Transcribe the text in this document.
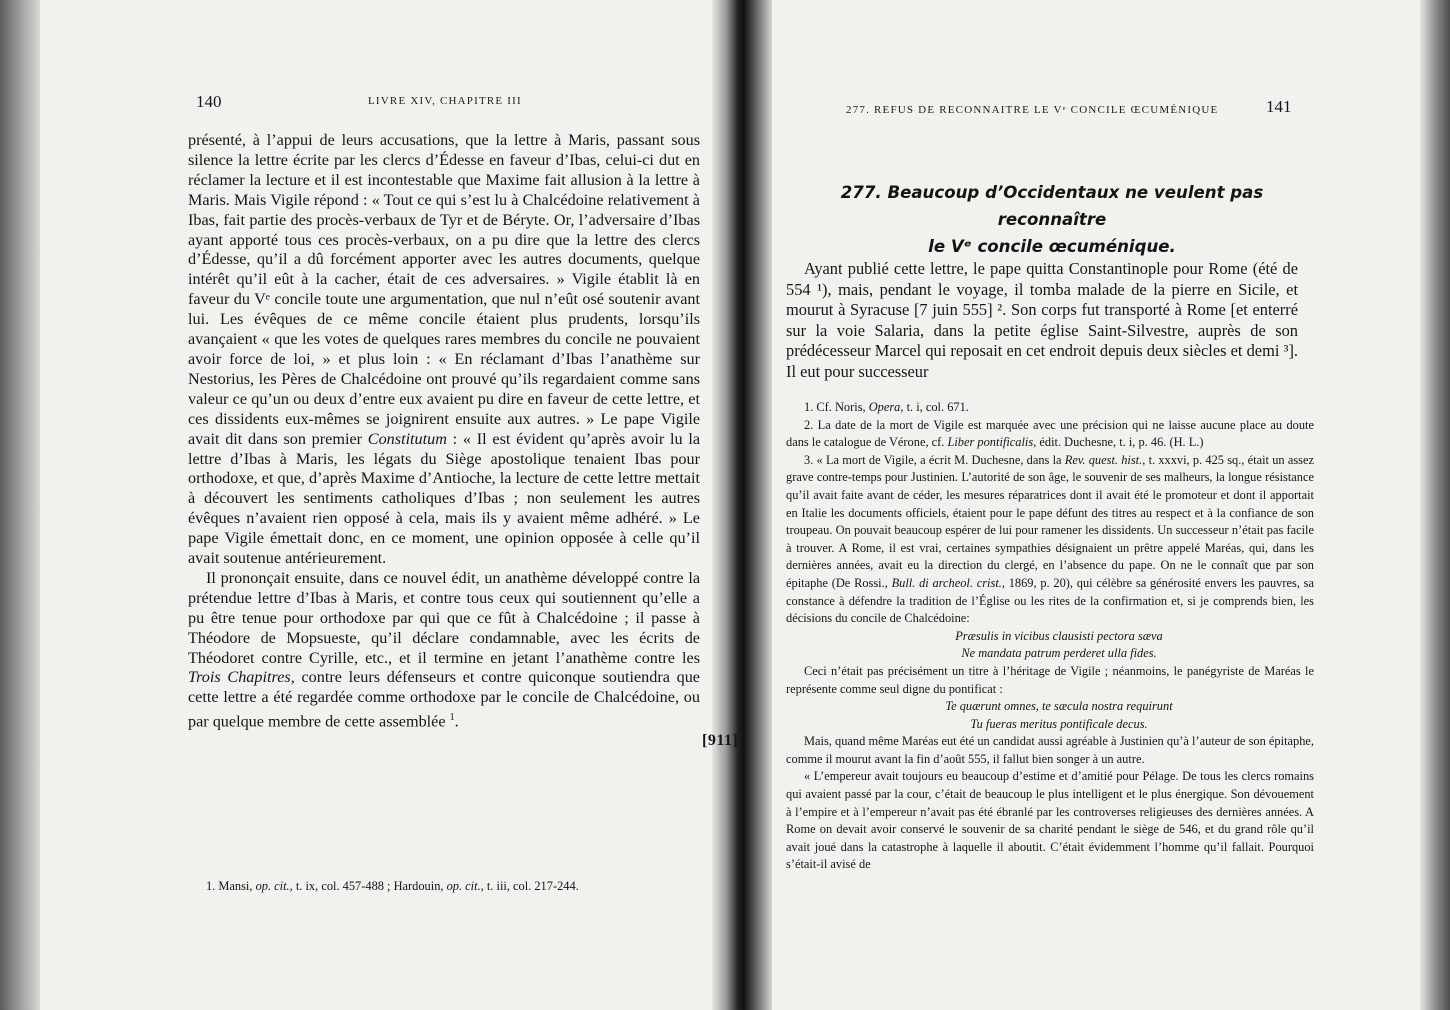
140	LIVRE XIV, CHAPITRE III

présenté, à l’appui de leurs accusations, que la lettre à Maris, passant sous silence la lettre écrite par les clercs d’Édesse en faveur d’Ibas, celui-ci dut en réclamer la lecture et il est incontestable que Maxime fait allusion à la lettre à Maris. Mais Vigile répond : « Tout ce qui s’est lu à Chalcédoine relativement à Ibas, fait partie des procès-verbaux de Tyr et de Béryte. Or, l’adversaire d’Ibas ayant apporté tous ces procès-verbaux, on a pu dire que la lettre des clercs d’Édesse, qu’il a dû forcément apporter avec les autres documents, quelque intérêt qu’il eût à la cacher, était de ces adversaires. » Vigile établit là en faveur du Vᵉ concile toute une argumentation, que nul n’eût osé soutenir avant lui. Les évêques de ce même concile étaient plus prudents, lorsqu’ils avançaient « que les votes de quelques rares membres du concile ne pouvaient avoir force de loi, » et plus loin : « En réclamant d’Ibas l’anathème sur Nestorius, les Pères de Chalcédoine ont prouvé qu’ils regardaient comme sans valeur ce qu’un ou deux d’entre eux avaient pu dire en faveur de cette lettre, et ces dissidents eux-mêmes se joignirent ensuite aux autres. » Le pape Vigile avait dit dans son premier Constitutum : « Il est évident qu’après avoir lu la lettre d’Ibas à Maris, les légats du Siège apostolique tenaient Ibas pour orthodoxe, et que, d’après Maxime d’Antioche, la lecture de cette lettre mettait à découvert les sentiments catholiques d’Ibas ; non seulement les autres évêques n’avaient rien opposé à cela, mais ils y avaient même adhéré. » Le pape Vigile émettait donc, en ce moment, une opinion opposée à celle qu’il avait soutenue antérieurement.

Il prononçait ensuite, dans ce nouvel édit, un anathème développé contre la prétendue lettre d’Ibas à Maris, et contre tous ceux qui soutiennent qu’elle a pu être tenue pour orthodoxe par qui que ce fût à Chalcédoine ; il passe à Théodore de Mopsueste, qu’il déclare condamnable, avec les écrits de Théodoret contre Cyrille, etc., et il termine en jetant l’anathème contre les Trois Chapitres, contre leurs défenseurs et contre quiconque soutiendra que cette lettre a été regardée comme orthodoxe par le concile de Chalcédoine, ou par quelque membre de cette assemblée $^1$.

1. Mansi, op. cit., t. ix, col. 457-488 ; Hardouin, op. cit., t. iii, col. 217-244.

[911]
277. REFUS DE RECONNAITRE LE Vᵉ CONCILE ŒCUMÉNIQUE	141
277. Beaucoup d’Occidentaux ne veulent pas reconnaître
le Vᵉ concile œcuménique.

Ayant publié cette lettre, le pape quitta Constantinople pour Rome (été de 554 ¹), mais, pendant le voyage, il tomba malade de la pierre en Sicile, et mourut à Syracuse [7 juin 555] ². Son corps fut transporté à Rome [et enterré sur la voie Salaria, dans la petite église Saint-Silvestre, auprès de son prédécesseur Marcel qui reposait en cet endroit depuis deux siècles et demi ³]. Il eut pour successeur

1. Cf. Noris, Opera, t. i, col. 671.

2. La date de la mort de Vigile est marquée avec une précision qui ne laisse aucune place au doute dans le catalogue de Vérone, cf. Liber pontificalis, édit. Duchesne, t. i, p. 46. (H. L.)

3. « La mort de Vigile, a écrit M. Duchesne, dans la Rev. quest. hist., t. xxxvi, p. 425 sq., était un assez grave contre-temps pour Justinien. L’autorité de son âge, le souvenir de ses malheurs, la longue résistance qu’il avait faite avant de céder, les mesures réparatrices dont il avait été le promoteur et dont il apportait en Italie les documents officiels, étaient pour le pape défunt des titres au respect et à la confiance de son troupeau. On pouvait beaucoup espérer de lui pour ramener les dissidents. Un successeur n’était pas facile à trouver. A Rome, il est vrai, certaines sympathies désignaient un prêtre appelé Maréas, qui, dans les dernières années, avait eu la direction du clergé, en l’absence du pape. On ne le connaît que par son épitaphe (De Rossi., Bull. di archeol. crist., 1869, p. 20), qui célèbre sa générosité envers les pauvres, sa constance à défendre la tradition de l’Église ou les rites de la confirmation et, si je comprends bien, les décisions du concile de Chalcédoine:

Præsulis in vicibus clausisti pectora sæva

Ne mandata patrum perderet ulla fides.

Ceci n’était pas précisément un titre à l’héritage de Vigile ; néanmoins, le panégyriste de Maréas le représente comme seul digne du pontificat :

Te quærunt omnes, te sæcula nostra requirunt

Tu fueras meritus pontificale decus.

Mais, quand même Maréas eut été un candidat aussi agréable à Justinien qu’à l’auteur de son épitaphe, comme il mourut avant la fin d’août 555, il fallut bien songer à un autre.

« L’empereur avait toujours eu beaucoup d’estime et d’amitié pour Pélage. De tous les clercs romains qui avaient passé par la cour, c’était de beaucoup le plus intelligent et le plus énergique. Son dévouement à l’empire et à l’empereur n’avait pas été ébranlé par les controverses religieuses des dernières années. A Rome on devait avoir conservé le souvenir de sa charité pendant le siège de 546, et du grand rôle qu’il avait joué dans la catastrophe à laquelle il aboutit. C’était évidemment l’homme qu’il fallait. Pourquoi s’était-il avisé de
